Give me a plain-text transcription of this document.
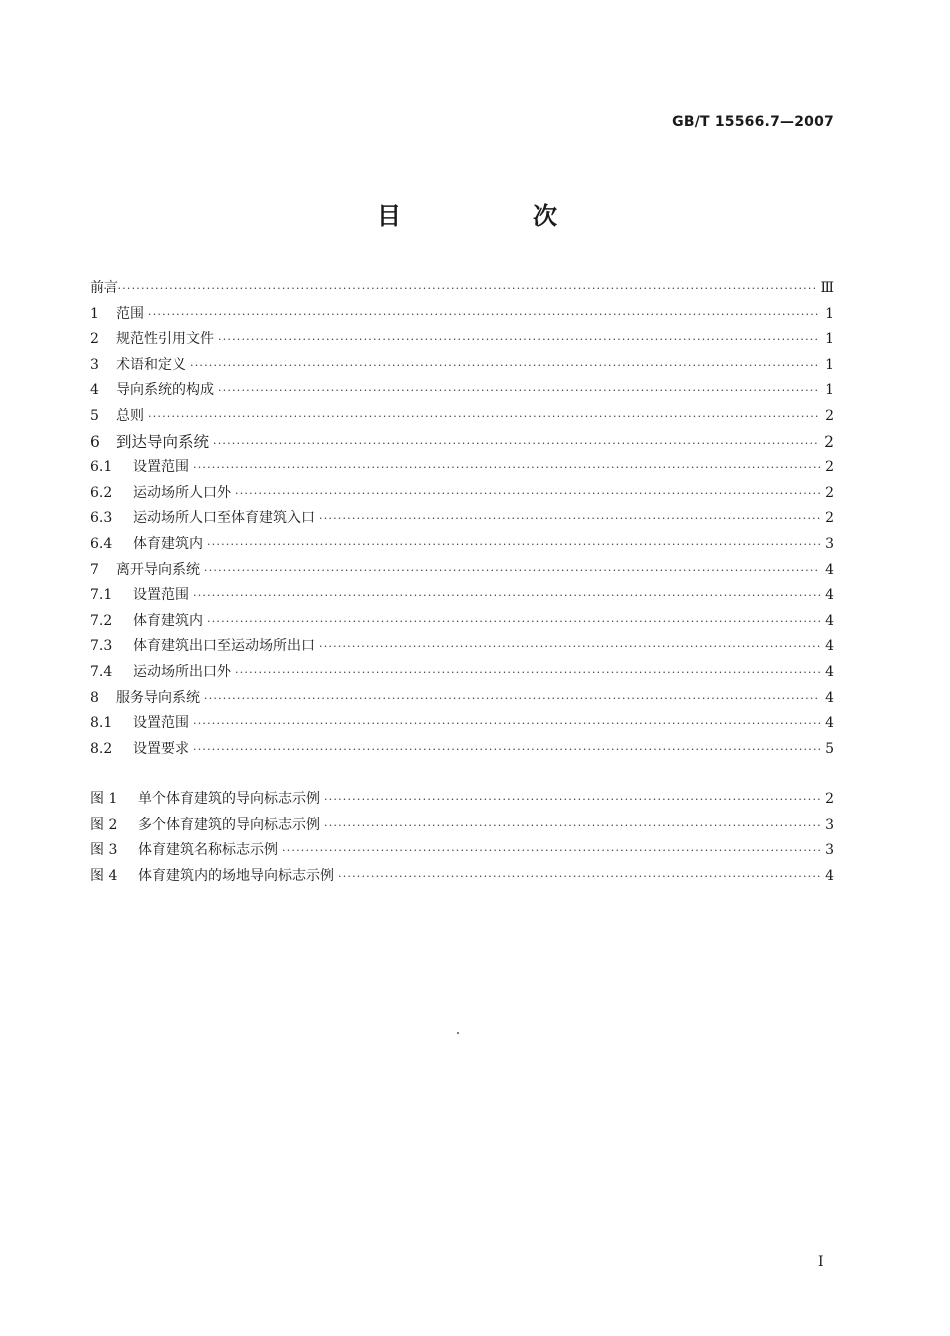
GB/T 15566.7—2007
目　次
前言 ·····	Ⅲ
1	范围 ·····	1
2	规范性引用文件 ·····	1
3	术语和定义 ·····	1
4	导向系统的构成 ·····	1
5	总则 ·····	2
6	到达导向系统 ·····	2
6.1	设置范围 ·····	2
6.2	运动场所人口外 ·····	2
6.3	运动场所人口至体育建筑入口 ·····	2
6.4	体育建筑内 ·····	3
7	离开导向系统 ·····	4
7.1	设置范围 ·····	4
7.2	体育建筑内 ·····	4
7.3	体育建筑出口至运动场所出口 ·····	4
7.4	运动场所出口外 ·····	4
8	服务导向系统 ·····	4
8.1	设置范围 ·····	4
8.2	设置要求 ·····	5
图 1	单个体育建筑的导向标志示例 ·····	2
图 2	多个体育建筑的导向标志示例 ·····	3
图 3	体育建筑名称标志示例 ·····	3
图 4	体育建筑内的场地导向标志示例 ·····	4
I
